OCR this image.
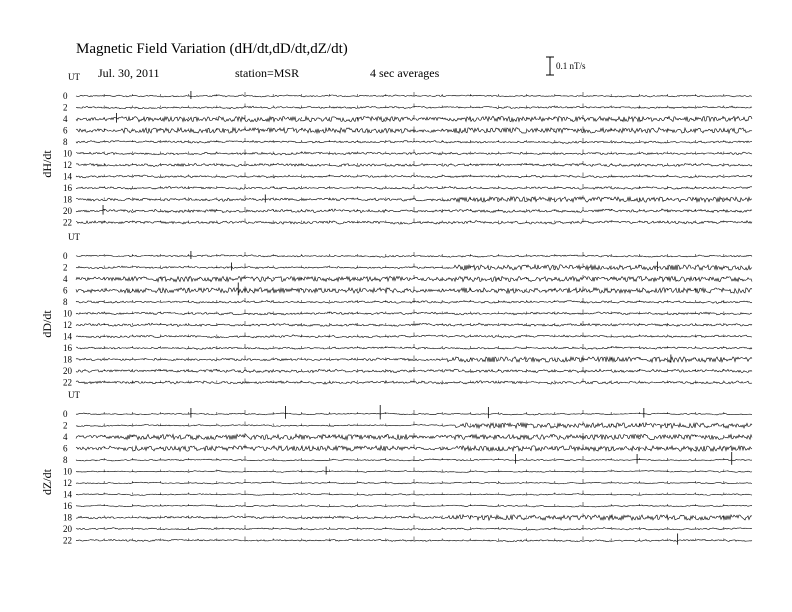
Magnetic Field Variation (dH/dt,dD/dt,dZ/dt)
Jul. 30, 2011	station=MSR	4 sec averages	0.1 nT/s
UT
dH/dt
0
2
4
6
8
10
12
14
16
18
20
22
UT
dD/dt
0
2
4
6
8
10
12
14
16
18
20
22
UT
dZ/dt
0
2
4
6
8
10
12
14
16
18
20
22
